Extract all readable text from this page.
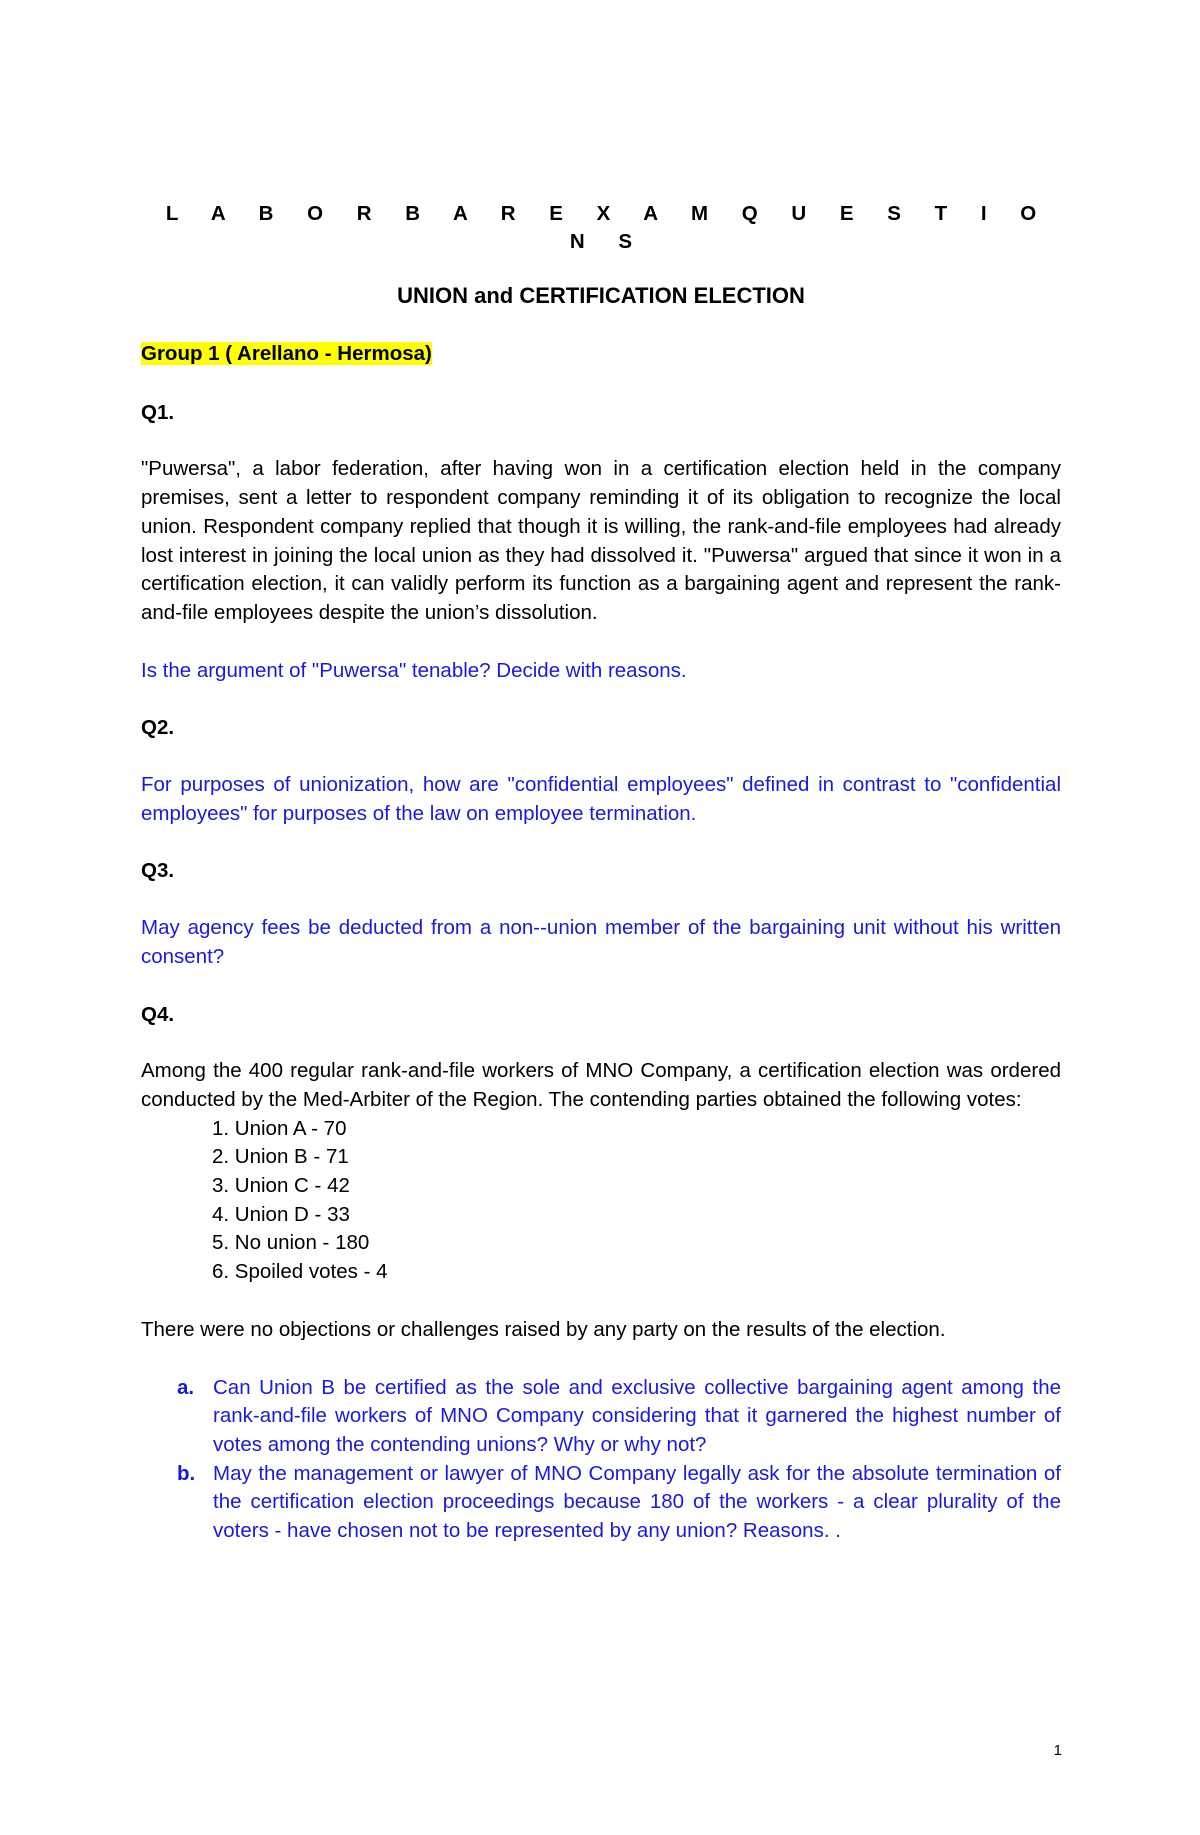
L A B O R B A R E X A M Q U E S T I O N S
UNION and CERTIFICATION ELECTION
Group 1 ( Arellano - Hermosa)
Q1.
"Puwersa", a labor federation, after having won in a certification election held in the company premises, sent a letter to respondent company reminding it of its obligation to recognize the local union. Respondent company replied that though it is willing, the rank-and-file employees had already lost interest in joining the local union as they had dissolved it. "Puwersa" argued that since it won in a certification election, it can validly perform its function as a bargaining agent and represent the rank-and-file employees despite the union’s dissolution.
Is the argument of "Puwersa" tenable? Decide with reasons.
Q2.
For purposes of unionization, how are "confidential employees" defined in contrast to "confidential employees" for purposes of the law on employee termination.
Q3.
May agency fees be deducted from a non--union member of the bargaining unit without his written consent?
Q4.
Among the 400 regular rank-and-file workers of MNO Company, a certification election was ordered conducted by the Med-Arbiter of the Region. The contending parties obtained the following votes:
1. Union A - 70
2. Union B - 71
3. Union C - 42
4. Union D - 33
5. No union - 180
6. Spoiled votes - 4
There were no objections or challenges raised by any party on the results of the election.
a. Can Union B be certified as the sole and exclusive collective bargaining agent among the rank-and-file workers of MNO Company considering that it garnered the highest number of votes among the contending unions? Why or why not?
b. May the management or lawyer of MNO Company legally ask for the absolute termination of the certification election proceedings because 180 of the workers - a clear plurality of the voters - have chosen not to be represented by any union? Reasons. .
1
